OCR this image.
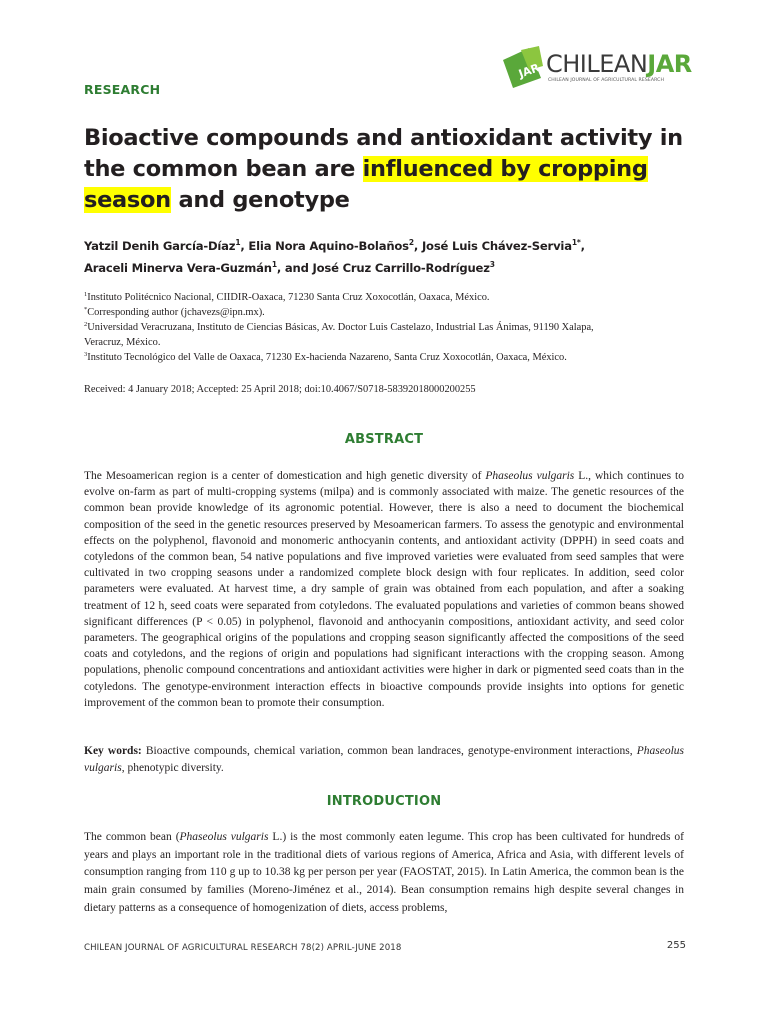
JAR CHILEANJAR
CHILEAN JOURNAL OF AGRICULTURAL RESEARCH
RESEARCH
Bioactive compounds and antioxidant activity in the common bean are influenced by cropping season and genotype
Yatzil Denih García-Díaz$^1$, Elia Nora Aquino-Bolaños$^2$, José Luis Chávez-Servia$^{1*}$,
Araceli Minerva Vera-Guzmán$^1$, and José Cruz Carrillo-Rodríguez$^3$
$^1$Instituto Politécnico Nacional, CIIDIR-Oaxaca, 71230 Santa Cruz Xoxocotlán, Oaxaca, México.
*Corresponding author (jchavezs@ipn.mx).
$^2$Universidad Veracruzana, Instituto de Ciencias Básicas, Av. Doctor Luis Castelazo, Industrial Las Ánimas, 91190 Xalapa,
Veracruz, México.
$^3$Instituto Tecnológico del Valle de Oaxaca, 71230 Ex-hacienda Nazareno, Santa Cruz Xoxocotlán, Oaxaca, México.
Received: 4 January 2018; Accepted: 25 April 2018; doi:10.4067/S0718-58392018000200255
ABSTRACT

The Mesoamerican region is a center of domestication and high genetic diversity of Phaseolus vulgaris L., which continues to evolve on-farm as part of multi-cropping systems (milpa) and is commonly associated with maize. The genetic resources of the common bean provide knowledge of its agronomic potential. However, there is also a need to document the biochemical composition of the seed in the genetic resources preserved by Mesoamerican farmers. To assess the genotypic and environmental effects on the polyphenol, flavonoid and monomeric anthocyanin contents, and antioxidant activity (DPPH) in seed coats and cotyledons of the common bean, 54 native populations and five improved varieties were evaluated from seed samples that were cultivated in two cropping seasons under a randomized complete block design with four replicates. In addition, seed color parameters were evaluated. At harvest time, a dry sample of grain was obtained from each population, and after a soaking treatment of 12 h, seed coats were separated from cotyledons. The evaluated populations and varieties of common beans showed significant differences (P < 0.05) in polyphenol, flavonoid and anthocyanin compositions, antioxidant activity, and seed color parameters. The geographical origins of the populations and cropping season significantly affected the compositions of the seed coats and cotyledons, and the regions of origin and populations had significant interactions with the cropping season. Among populations, phenolic compound concentrations and antioxidant activities were higher in dark or pigmented seed coats than in the cotyledons. The genotype-environment interaction effects in bioactive compounds provide insights into options for genetic improvement of the common bean to promote their consumption.

Key words: Bioactive compounds, chemical variation, common bean landraces, genotype-environment interactions, Phaseolus vulgaris, phenotypic diversity.

INTRODUCTION

The common bean (Phaseolus vulgaris L.) is the most commonly eaten legume. This crop has been cultivated for hundreds of years and plays an important role in the traditional diets of various regions of America, Africa and Asia, with different levels of consumption ranging from 110 g up to 10.38 kg per person per year (FAOSTAT, 2015). In Latin America, the common bean is the main grain consumed by families (Moreno-Jiménez et al., 2014). Bean consumption remains high despite several changes in dietary patterns as a consequence of homogenization of diets, access problems,

CHILEAN JOURNAL OF AGRICULTURAL RESEARCH 78(2) APRIL-JUNE 2018	255
